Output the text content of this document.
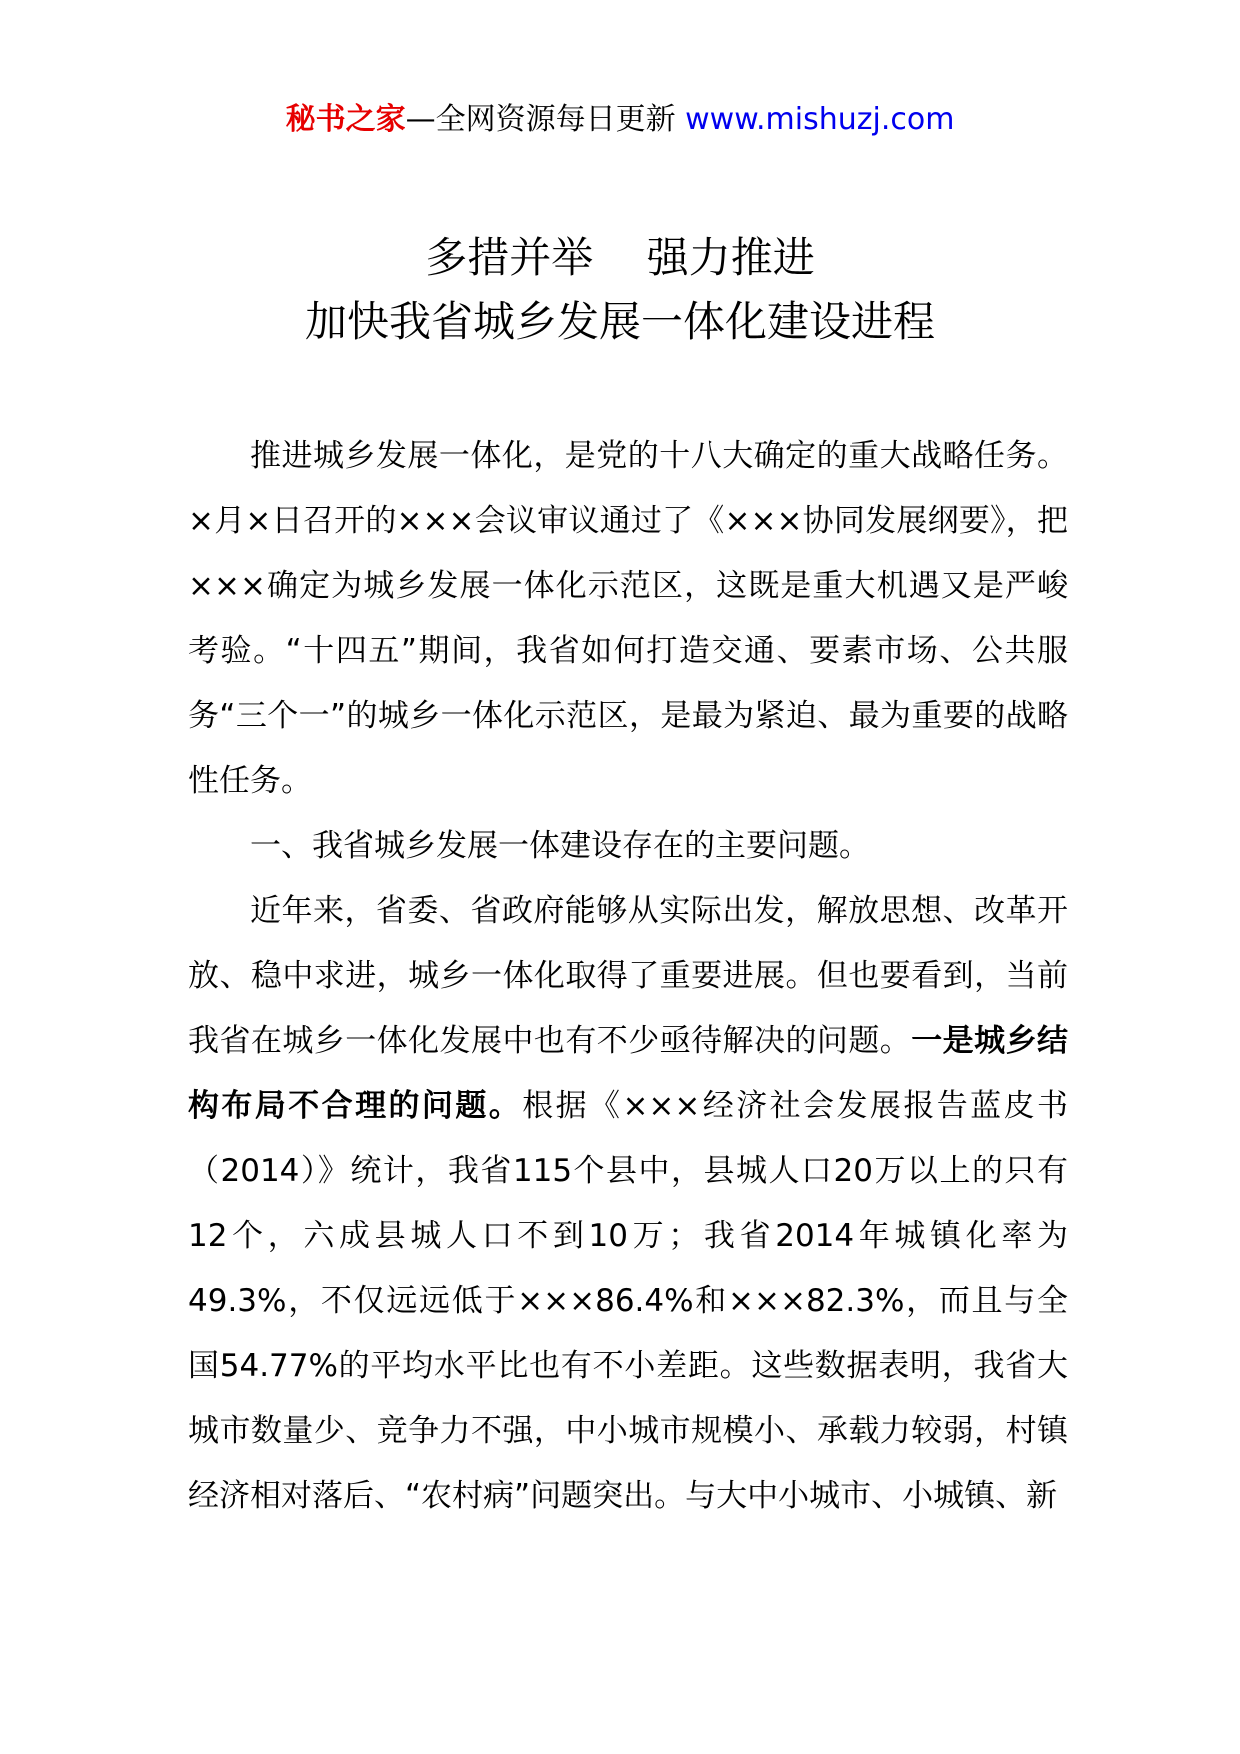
秘书之家—全网资源每日更新 www.mishuzj.com
多措并举    强力推进
加快我省城乡发展一体化建设进程

推进城乡发展一体化，是党的十八大确定的重大战略任务。×月×日召开的×××会议审议通过了《×××协同发展纲要》，把×××确定为城乡发展一体化示范区，这既是重大机遇又是严峻考验。“十四五”期间，我省如何打造交通、要素市场、公共服务“三个一”的城乡一体化示范区，是最为紧迫、最为重要的战略性任务。

一、我省城乡发展一体建设存在的主要问题。

近年来，省委、省政府能够从实际出发，解放思想、改革开放、稳中求进，城乡一体化取得了重要进展。但也要看到，当前我省在城乡一体化发展中也有不少亟待解决的问题。一是城乡结构布局不合理的问题。根据《×××经济社会发展报告蓝皮书（2014）》统计，我省115个县中，县城人口20万以上的只有12个，六成县城人口不到10万；我省2014年城镇化率为49.3%，不仅远远低于×××86.4%和×××82.3%，而且与全国54.77%的平均水平比也有不小差距。这些数据表明，我省大城市数量少、竞争力不强，中小城市规模小、承载力较弱，村镇经济相对落后、“农村病”问题突出。与大中小城市、小城镇、新
